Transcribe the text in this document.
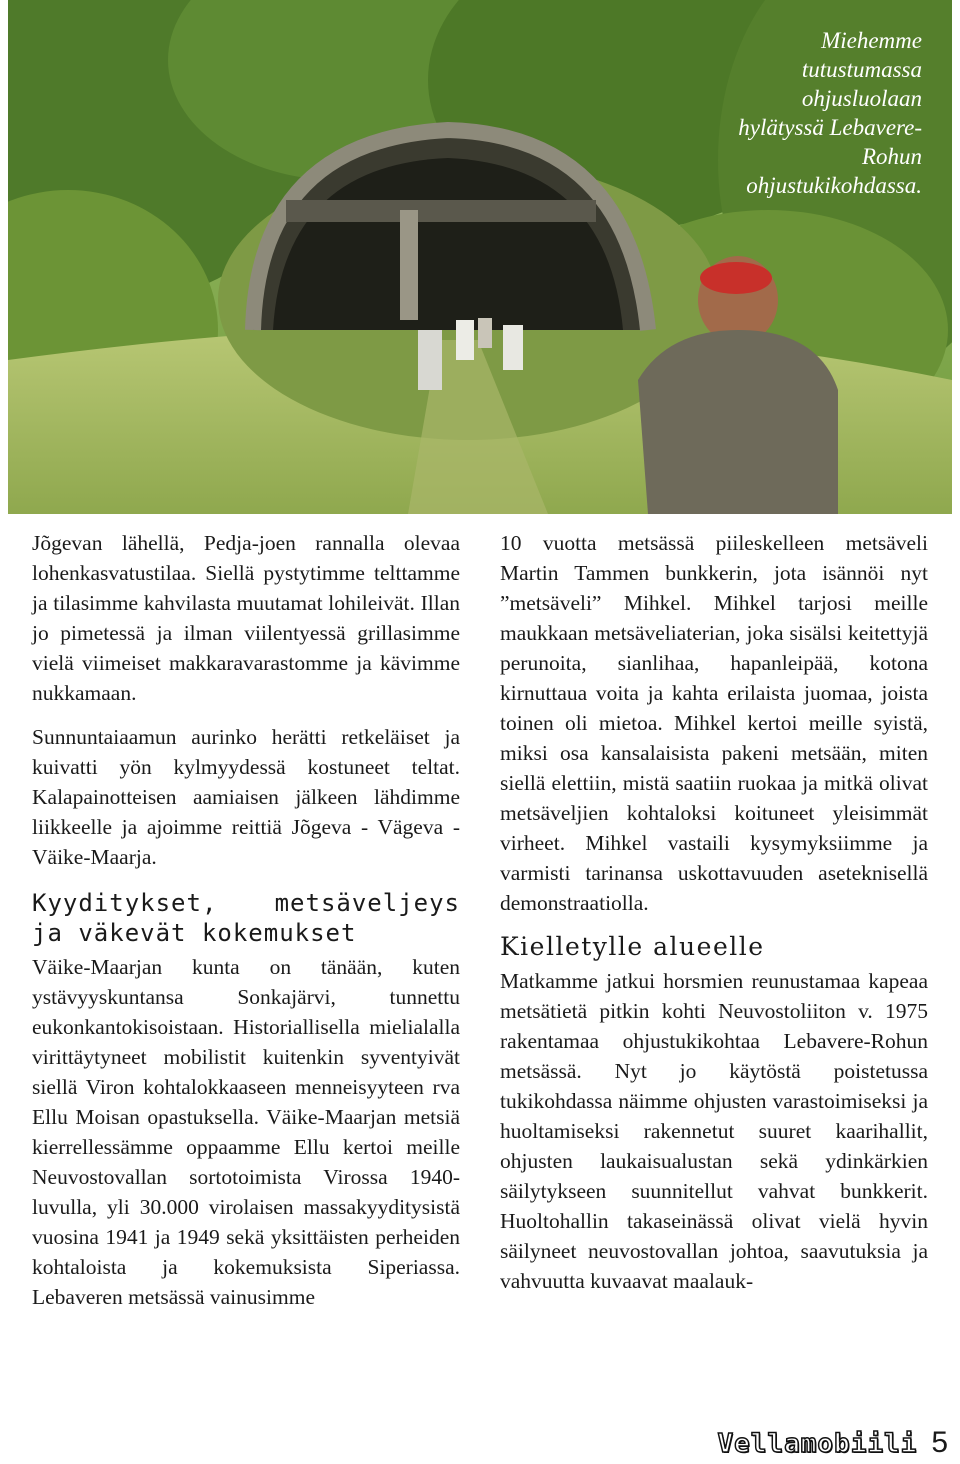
Miehemme tutustumassa ohjusluolaan hylätyssä Lebavere-Rohun ohjustukikohdassa.

Jõgevan lähellä, Pedja-joen rannalla olevaa lohenkasvatustilaa. Siellä pystytimme telttamme ja tilasimme kahvilasta muutamat lohileivät. Illan jo pimetessä ja ilman viilentyessä grillasimme vielä viimeiset makkaravarastomme ja kävimme nukkamaan.

Sunnuntaiaamun aurinko herätti retkeläiset ja kuivatti yön kylmyydessä kostuneet teltat. Kalapainotteisen aamiaisen jälkeen lähdimme liikkeelle ja ajoimme reittiä Jõgeva - Vägeva - Väike-Maarja.

Kyyditykset, metsäveljeys ja väkevät kokemukset

Väike-Maarjan kunta on tänään, kuten ystävyyskuntansa Sonkajärvi, tunnettu eukonkantokisoistaan. Historiallisella mielialalla virittäytyneet mobilistit kuitenkin syventyivät siellä Viron kohtalokkaaseen menneisyyteen rva Ellu Moisan opastuksella. Väike-Maarjan metsiä kierrellessämme oppaamme Ellu kertoi meille Neuvostovallan sortotoimista Virossa 1940-luvulla, yli 30.000 virolaisen massakyyditysistä vuosina 1941 ja 1949 sekä yksittäisten perheiden kohtaloista ja kokemuksista Siperiassa. Lebaveren metsässä vainusimme

10 vuotta metsässä piileskelleen metsäveli Martin Tammen bunkkerin, jota isännöi nyt ”metsäveli” Mihkel. Mihkel tarjosi meille maukkaan metsäveliaterian, joka sisälsi keitettyjä perunoita, sianlihaa, hapanleipää, kotona kirnuttaua voita ja kahta erilaista juomaa, joista toinen oli mietoa. Mihkel kertoi meille syistä, miksi osa kansalaisista pakeni metsään, miten siellä elettiin, mistä saatiin ruokaa ja mitkä olivat metsäveljien kohtaloksi koituneet yleisimmät virheet. Mihkel vastaili kysymyksiimme ja varmisti tarinansa uskottavuuden aseteknisellä demonstraatiolla.

Kielletylle alueelle

Matkamme jatkui horsmien reunustamaa kapeaa metsätietä pitkin kohti Neuvostoliiton v. 1975 rakentamaa ohjustukikohtaa Lebavere-Rohun metsässä. Nyt jo käytöstä poistetussa tukikohdassa näimme ohjusten varastoimiseksi ja huoltamiseksi rakennetut suuret kaarihallit, ohjusten laukaisualustan sekä ydinkärkien säilytykseen suunnitellut vahvat bunkkerit. Huoltohallin takaseinässä olivat vielä hyvin säilyneet neuvostovallan johtoa, saavutuksia ja vahvuutta kuvaavat maalauk-

Vellamobiili 5
